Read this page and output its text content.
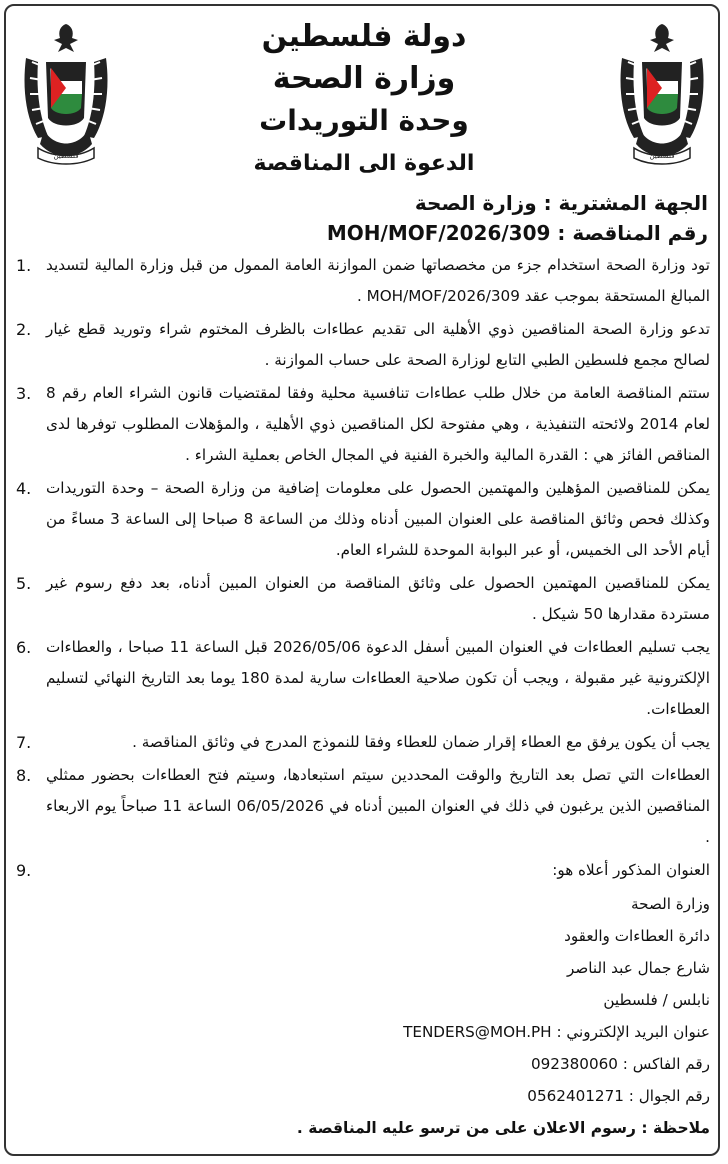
فلسطين
فلسطين
دولة فلسطين
وزارة الصحة
وحدة التوريدات
الدعوة الى المناقصة
الجهة المشترية : وزارة الصحة
رقم المناقصة : MOH/MOF/2026/309
تود وزارة الصحة استخدام جزء من مخصصاتها ضمن الموازنة العامة الممول من قبل وزارة المالية لتسديد المبالغ المستحقة بموجب عقد MOH/MOF/2026/309 .
1.
تدعو وزارة الصحة المناقصين ذوي الأهلية الى تقديم عطاءات بالظرف المختوم شراء وتوريد قطع غيار لصالح مجمع فلسطين الطبي التابع لوزارة الصحة على حساب الموازنة .
2.
ستتم المناقصة العامة من خلال طلب عطاءات تنافسية محلية وفقا لمقتضيات قانون الشراء العام رقم 8 لعام 2014 ولائحته التنفيذية ، وهي مفتوحة لكل المناقصين ذوي الأهلية ، والمؤهلات المطلوب توفرها لدى المناقص الفائز هي : القدرة المالية والخبرة الفنية في المجال الخاص بعملية الشراء .
3.
يمكن للمناقصين المؤهلين والمهتمين الحصول على معلومات إضافية من وزارة الصحة – وحدة التوريدات وكذلك فحص وثائق المناقصة على العنوان المبين أدناه وذلك من الساعة 8 صباحا إلى الساعة 3 مساءً من أيام الأحد الى الخميس، أو عبر البوابة الموحدة للشراء العام.
4.
يمكن للمناقصين المهتمين الحصول على وثائق المناقصة من العنوان المبين أدناه، بعد دفع رسوم غير مستردة مقدارها 50 شيكل .
5.
يجب تسليم العطاءات في العنوان المبين أسفل الدعوة 2026/05/06 قبل الساعة 11 صباحا ، والعطاءات الإلكترونية غير مقبولة ، ويجب أن تكون صلاحية العطاءات سارية لمدة 180 يوما بعد التاريخ النهائي لتسليم العطاءات.
6.
يجب أن يكون يرفق مع العطاء إقرار ضمان للعطاء وفقا للنموذج المدرج في وثائق المناقصة .
7.
العطاءات التي تصل بعد التاريخ والوقت المحددين سيتم استبعادها، وسيتم فتح العطاءات بحضور ممثلي المناقصين الذين يرغبون في ذلك في العنوان المبين أدناه في 06/05/2026 الساعة 11 صباحاً يوم الاربعاء .
8.
العنوان المذكور أعلاه هو:
9.
وزارة الصحة
دائرة العطاءات والعقود
شارع جمال عبد الناصر
نابلس / فلسطين
عنوان البريد الإلكتروني : TENDERS@MOH.PH
رقم الفاكس : 092380060
رقم الجوال : 0562401271
ملاحظة : رسوم الاعلان على من ترسو عليه المناقصة .
